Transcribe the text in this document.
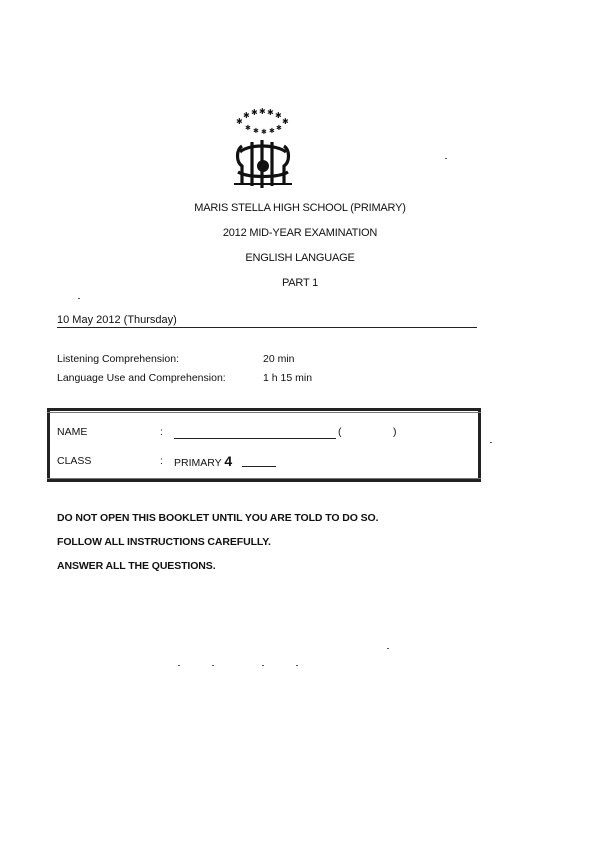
✱
✱ ✱ ✱ ✱ ✱
✱
✱ ✱ ✱ ✱ ✱
MARIS STELLA HIGH SCHOOL (PRIMARY)
2012 MID-YEAR EXAMINATION
ENGLISH LANGUAGE
PART 1
10 May 2012 (Thursday)
Listening Comprehension:	20 min
Language Use and Comprehension:	1 h 15 min
NAME	:	(	)
CLASS	: PRIMARY 4
DO NOT OPEN THIS BOOKLET UNTIL YOU ARE TOLD TO DO SO.
FOLLOW ALL INSTRUCTIONS CAREFULLY.
ANSWER ALL THE QUESTIONS.
